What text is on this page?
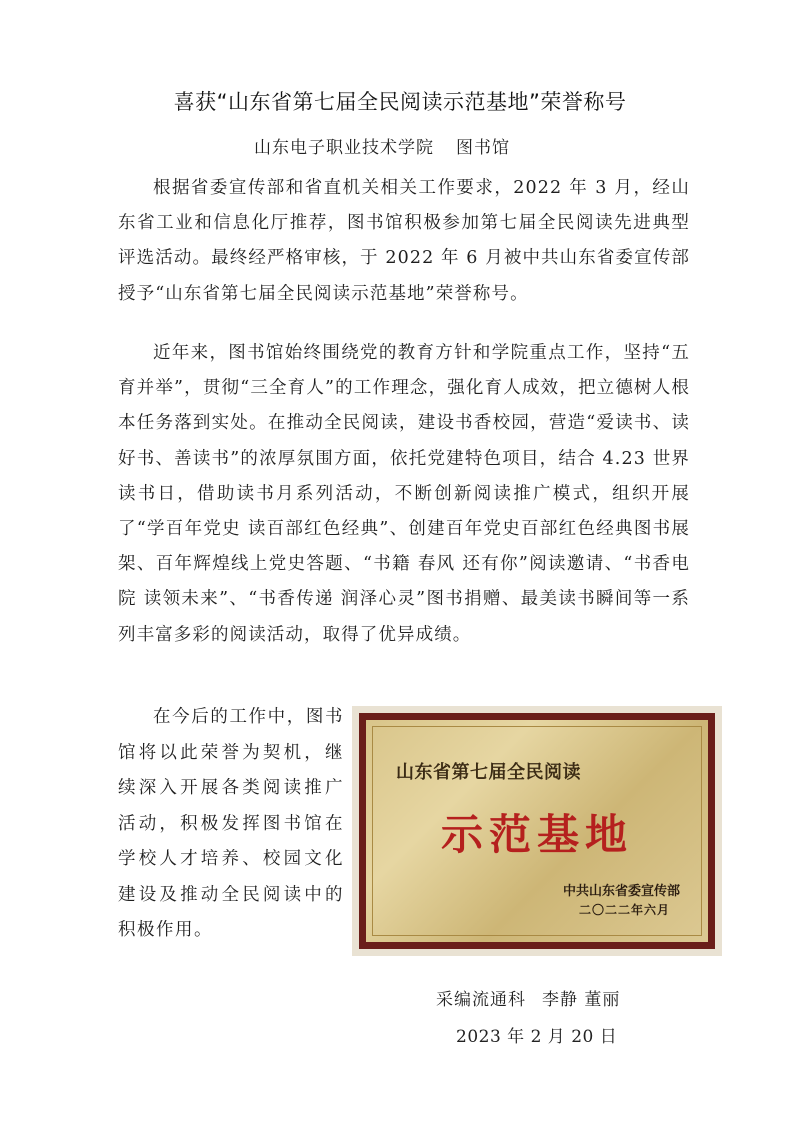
喜获“山东省第七届全民阅读示范基地”荣誉称号
山东电子职业技术学院 图书馆

根据省委宣传部和省直机关相关工作要求，2022 年 3 月，经山东省工业和信息化厅推荐，图书馆积极参加第七届全民阅读先进典型评选活动。最终经严格审核，于 2022 年 6 月被中共山东省委宣传部授予“山东省第七届全民阅读示范基地”荣誉称号。

近年来，图书馆始终围绕党的教育方针和学院重点工作，坚持“五育并举”，贯彻“三全育人”的工作理念，强化育人成效，把立德树人根本任务落到实处。在推动全民阅读，建设书香校园，营造“爱读书、读好书、善读书”的浓厚氛围方面，依托党建特色项目，结合 4.23 世界读书日，借助读书月系列活动，不断创新阅读推广模式，组织开展了“学百年党史 读百部红色经典”、创建百年党史百部红色经典图书展架、百年辉煌线上党史答题、“书籍 春风 还有你”阅读邀请、“书香电院 读领未来”、“书香传递 润泽心灵”图书捐赠、最美读书瞬间等一系列丰富多彩的阅读活动，取得了优异成绩。

在今后的工作中，图书馆将以此荣誉为契机，继续深入开展各类阅读推广活动，积极发挥图书馆在学校人才培养、校园文化建设及推动全民阅读中的积极作用。

山东省第七届全民阅读
示范基地
中共山东省委宣传部
二〇二二年六月
采编流通科 李静 董丽
2023 年 2 月 20 日
